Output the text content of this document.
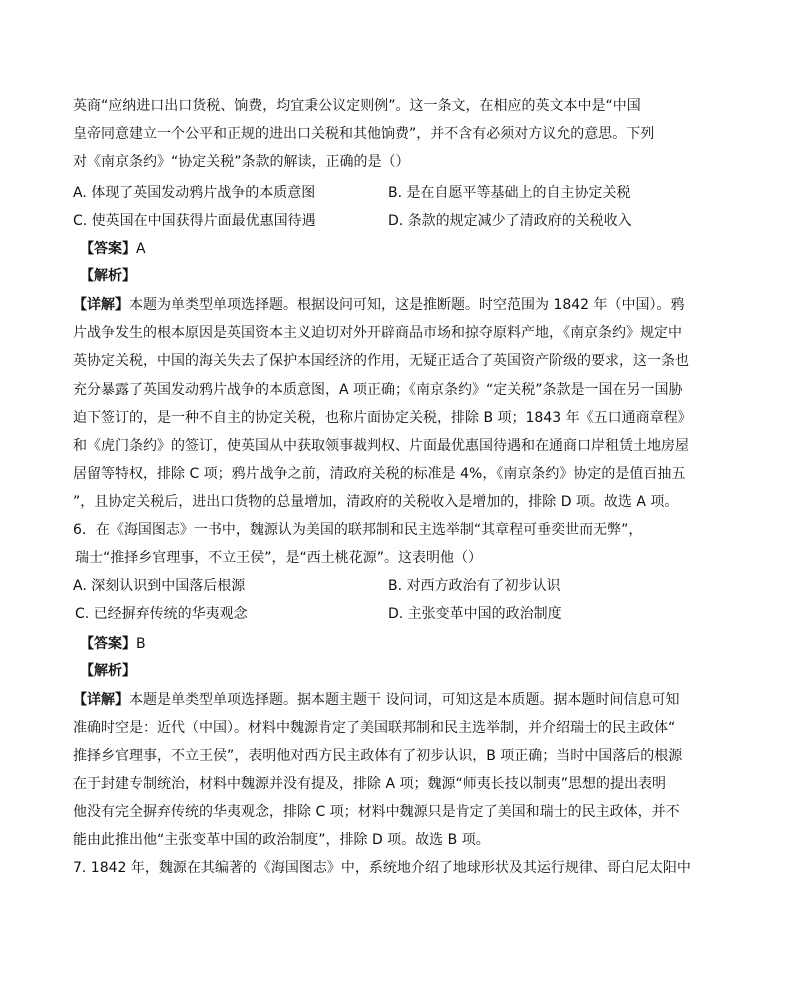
英商“应纳进口出口货税、饷费，均宜秉公议定则例”。这一条文，在相应的英文本中是“中国
皇帝同意建立一个公平和正规的进出口关税和其他饷费”，并不含有必须对方议允的意思。下列
对《南京条约》“协定关税”条款的解读，正确的是（）
A. 体现了英国发动鸦片战争的本质意图	B. 是在自愿平等基础上的自主协定关税
C. 使英国在中国获得片面最优惠国待遇	D. 条款的规定减少了清政府的关税收入
【答案】A
【解析】
【详解】本题为单类型单项选择题。根据设问可知，这是推断题。时空范围为 1842 年（中国）。鸦
片战争发生的根本原因是英国资本主义迫切对外开辟商品市场和掠夺原料产地，《南京条约》规定中
英协定关税，中国的海关失去了保护本国经济的作用，无疑正适合了英国资产阶级的要求，这一条也
充分暴露了英国发动鸦片战争的本质意图，A 项正确；《南京条约》“定关税”条款是一国在另一国胁
迫下签订的，是一种不自主的协定关税，也称片面协定关税，排除 B 项；1843 年《五口通商章程》
和《虎门条约》的签订，使英国从中获取领事裁判权、片面最优惠国待遇和在通商口岸租赁土地房屋
居留等特权，排除 C 项；鸦片战争之前，清政府关税的标准是 4%，《南京条约》协定的是值百抽五
”，且协定关税后，进出口货物的总量增加，清政府的关税收入是增加的，排除 D 项。故选 A 项。
6．在《海国图志》一书中，魏源认为美国的联邦制和民主选举制“其章程可垂奕世而无弊”，
瑞士“推择乡官理事，不立王侯”，是“西土桃花源”。这表明他（）
A. 深刻认识到中国落后根源	B. 对西方政治有了初步认识
C. 已经摒弃传统的华夷观念	D. 主张变革中国的政治制度
【答案】B
【解析】
【详解】本题是单类型单项选择题。据本题主题干 设问词，可知这是本质题。据本题时间信息可知
准确时空是：近代（中国）。材料中魏源肯定了美国联邦制和民主选举制，并介绍瑞士的民主政体“
推择乡官理事，不立王侯”，表明他对西方民主政体有了初步认识，B 项正确；当时中国落后的根源
在于封建专制统治，材料中魏源并没有提及，排除 A 项；魏源“师夷长技以制夷”思想的提出表明
他没有完全摒弃传统的华夷观念，排除 C 项；材料中魏源只是肯定了美国和瑞士的民主政体，并不
能由此推出他“主张变革中国的政治制度”，排除 D 项。故选 B 项。
7. 1842 年，魏源在其编著的《海国图志》中，系统地介绍了地球形状及其运行规律、哥白尼太阳中
